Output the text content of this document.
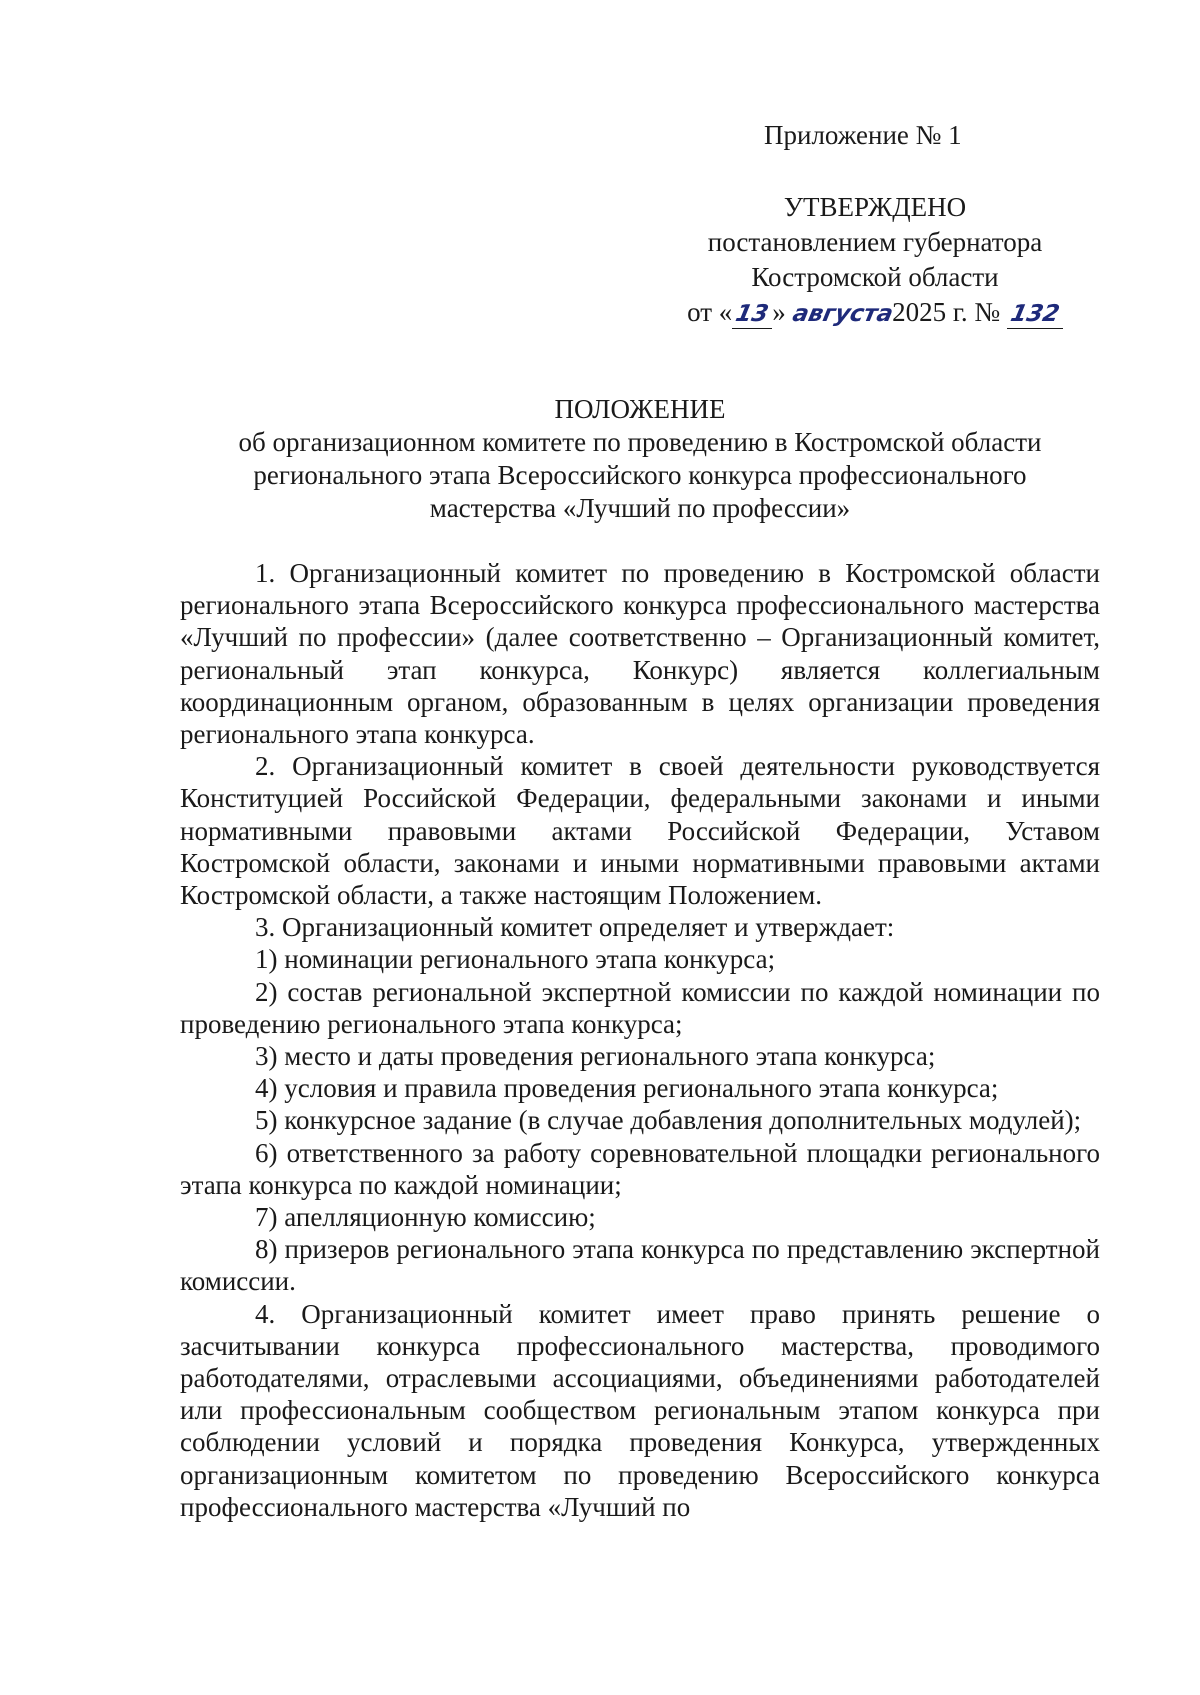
Приложение № 1
УТВЕРЖДЕНО
постановлением губернатора
Костромской области
от «13» августа2025 г. № 132
ПОЛОЖЕНИЕ
об организационном комитете по проведению в Костромской области
регионального этапа Всероссийского конкурса профессионального
мастерства «Лучший по профессии»

1. Организационный комитет по проведению в Костромской области регионального этапа Всероссийского конкурса профессионального мастерства «Лучший по профессии» (далее соответственно – Организационный комитет, региональный этап конкурса, Конкурс) является коллегиальным координационным органом, образованным в целях организации проведения регионального этапа конкурса.

2. Организационный комитет в своей деятельности руководствуется Конституцией Российской Федерации, федеральными законами и иными нормативными правовыми актами Российской Федерации, Уставом Костромской области, законами и иными нормативными правовыми актами Костромской области, а также настоящим Положением.

3. Организационный комитет определяет и утверждает:

1) номинации регионального этапа конкурса;

2) состав региональной экспертной комиссии по каждой номинации по проведению регионального этапа конкурса;

3) место и даты проведения регионального этапа конкурса;

4) условия и правила проведения регионального этапа конкурса;

5) конкурсное задание (в случае добавления дополнительных модулей);

6) ответственного за работу соревновательной площадки регионального этапа конкурса по каждой номинации;

7) апелляционную комиссию;

8) призеров регионального этапа конкурса по представлению экспертной комиссии.

4. Организационный комитет имеет право принять решение о засчитывании конкурса профессионального мастерства, проводимого работодателями, отраслевыми ассоциациями, объединениями работодателей или профессиональным сообществом региональным этапом конкурса при соблюдении условий и порядка проведения Конкурса, утвержденных организационным комитетом по проведению Всероссийского конкурса профессионального мастерства «Лучший по
